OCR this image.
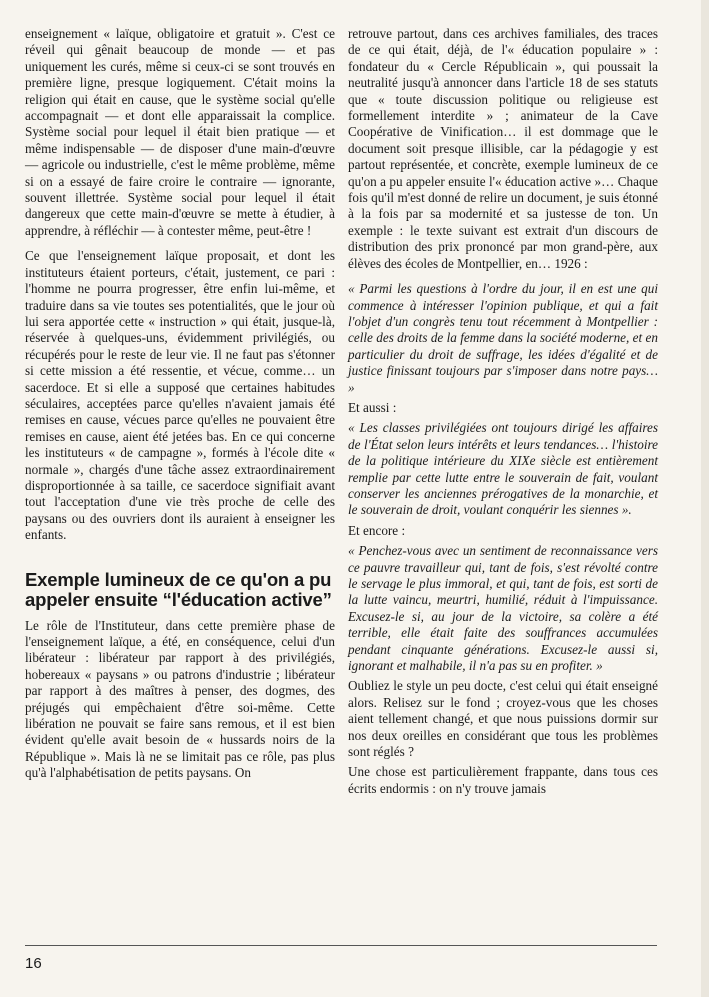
enseignement « laïque, obligatoire et gratuit ». C'est ce réveil qui gênait beaucoup de monde — et pas uniquement les curés, même si ceux-ci se sont trouvés en première ligne, presque logiquement. C'était moins la religion qui était en cause, que le système social qu'elle accompagnait — et dont elle apparaissait la complice. Système social pour lequel il était bien pratique — et même indispensable — de disposer d'une main-d'œuvre — agricole ou industrielle, c'est le même problème, même si on a essayé de faire croire le contraire — ignorante, souvent illettrée. Système social pour lequel il était dangereux que cette main-d'œuvre se mette à étudier, à apprendre, à réfléchir — à contester même, peut-être !

Ce que l'enseignement laïque proposait, et dont les instituteurs étaient porteurs, c'était, justement, ce pari : l'homme ne pourra progresser, être enfin lui-même, et traduire dans sa vie toutes ses potentialités, que le jour où lui sera apportée cette « instruction » qui était, jusque-là, réservée à quelques-uns, évidemment privilégiés, ou récupérés pour le reste de leur vie. Il ne faut pas s'étonner si cette mission a été ressentie, et vécue, comme… un sacerdoce. Et si elle a supposé que certaines habitudes séculaires, acceptées parce qu'elles n'avaient jamais été remises en cause, vécues parce qu'elles ne pouvaient être remises en cause, aient été jetées bas. En ce qui concerne les instituteurs « de campagne », formés à l'école dite « normale », chargés d'une tâche assez extraordinairement disproportionnée à sa taille, ce sacerdoce signifiait avant tout l'acceptation d'une vie très proche de celle des paysans ou des ouvriers dont ils auraient à enseigner les enfants.

Exemple lumineux de ce qu'on a pu appeler ensuite “l'éducation active”

Le rôle de l'Instituteur, dans cette première phase de l'enseignement laïque, a été, en conséquence, celui d'un libérateur : libérateur par rapport à des privilégiés, hobereaux « paysans » ou patrons d'industrie ; libérateur par rapport à des maîtres à penser, des dogmes, des préjugés qui empêchaient d'être soi-même. Cette libération ne pouvait se faire sans remous, et il est bien évident qu'elle avait besoin de « hussards noirs de la République ». Mais là ne se limitait pas ce rôle, pas plus qu'à l'alphabétisation de petits paysans. On

retrouve partout, dans ces archives familiales, des traces de ce qui était, déjà, de l'« éducation populaire » : fondateur du « Cercle Républicain », qui poussait la neutralité jusqu'à annoncer dans l'article 18 de ses statuts que « toute discussion politique ou religieuse est formellement interdite » ; animateur de la Cave Coopérative de Vinification… il est dommage que le document soit presque illisible, car la pédagogie y est partout représentée, et concrète, exemple lumineux de ce qu'on a pu appeler ensuite l'« éducation active »… Chaque fois qu'il m'est donné de relire un document, je suis étonné à la fois par sa modernité et sa justesse de ton. Un exemple : le texte suivant est extrait d'un discours de distribution des prix prononcé par mon grand-père, aux élèves des écoles de Montpellier, en… 1926 :

« Parmi les questions à l'ordre du jour, il en est une qui commence à intéresser l'opinion publique, et qui a fait l'objet d'un congrès tenu tout récemment à Montpellier : celle des droits de la femme dans la société moderne, et en particulier du droit de suffrage, les idées d'égalité et de justice finissant toujours par s'imposer dans notre pays… »

Et aussi :

« Les classes privilégiées ont toujours dirigé les affaires de l'État selon leurs intérêts et leurs tendances… l'histoire de la politique intérieure du XIXe siècle est entièrement remplie par cette lutte entre le souverain de fait, voulant conserver les anciennes prérogatives de la monarchie, et le souverain de droit, voulant conquérir les siennes ».

Et encore :

« Penchez-vous avec un sentiment de reconnaissance vers ce pauvre travailleur qui, tant de fois, s'est révolté contre le servage le plus immoral, et qui, tant de fois, est sorti de la lutte vaincu, meurtri, humilié, réduit à l'impuissance. Excusez-le si, au jour de la victoire, sa colère a été terrible, elle était faite des souffrances accumulées pendant cinquante générations. Excusez-le aussi si, ignorant et malhabile, il n'a pas su en profiter. »

Oubliez le style un peu docte, c'est celui qui était enseigné alors. Relisez sur le fond ; croyez-vous que les choses aient tellement changé, et que nous puissions dormir sur nos deux oreilles en considérant que tous les problèmes sont réglés ?

Une chose est particulièrement frappante, dans tous ces écrits endormis : on n'y trouve jamais

16
